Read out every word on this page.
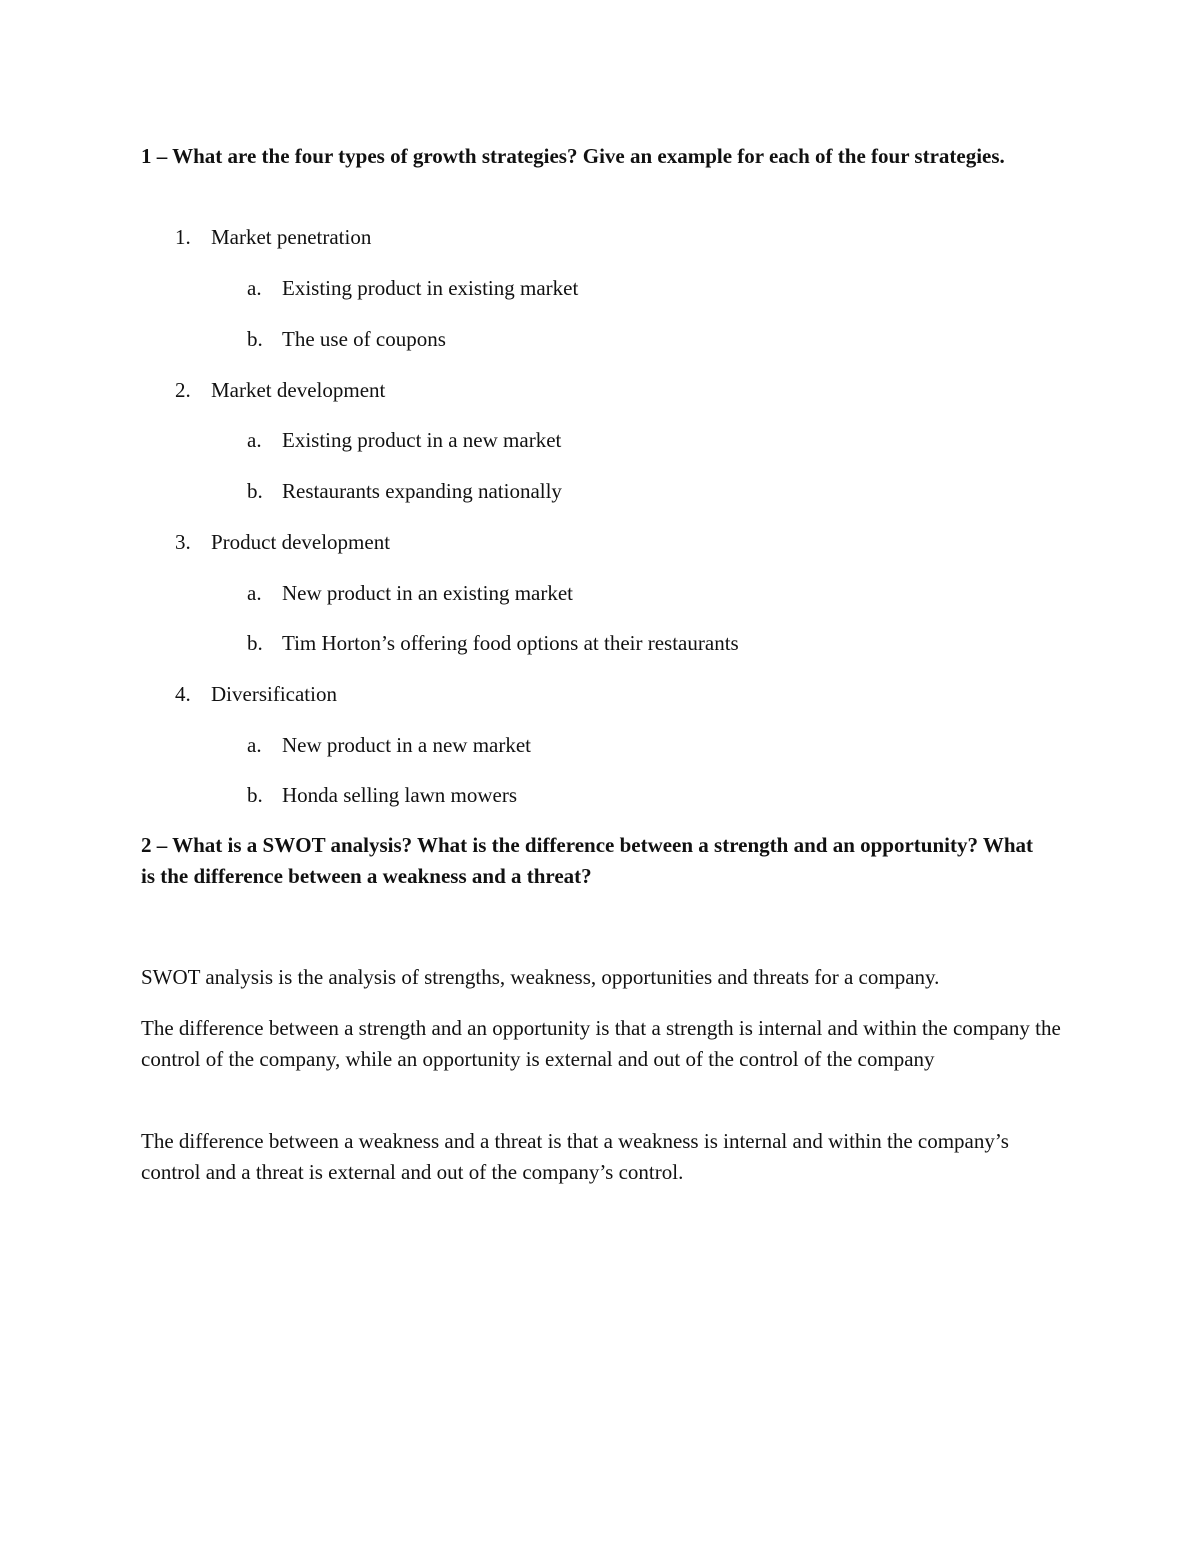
1 – What are the four types of growth strategies? Give an example for each of the four strategies.
1. Market penetration
a. Existing product in existing market
b. The use of coupons
2. Market development
a. Existing product in a new market
b. Restaurants expanding nationally
3. Product development
a. New product in an existing market
b. Tim Horton’s offering food options at their restaurants
4. Diversification
a. New product in a new market
b. Honda selling lawn mowers
2 – What is a SWOT analysis? What is the difference between a strength and an opportunity? What is the difference between a weakness and a threat?
SWOT analysis is the analysis of strengths, weakness, opportunities and threats for a company.
The difference between a strength and an opportunity is that a strength is internal and within the company the control of the company, while an opportunity is external and out of the control of the company
The difference between a weakness and a threat is that a weakness is internal and within the company’s control and a threat is external and out of the company’s control.
